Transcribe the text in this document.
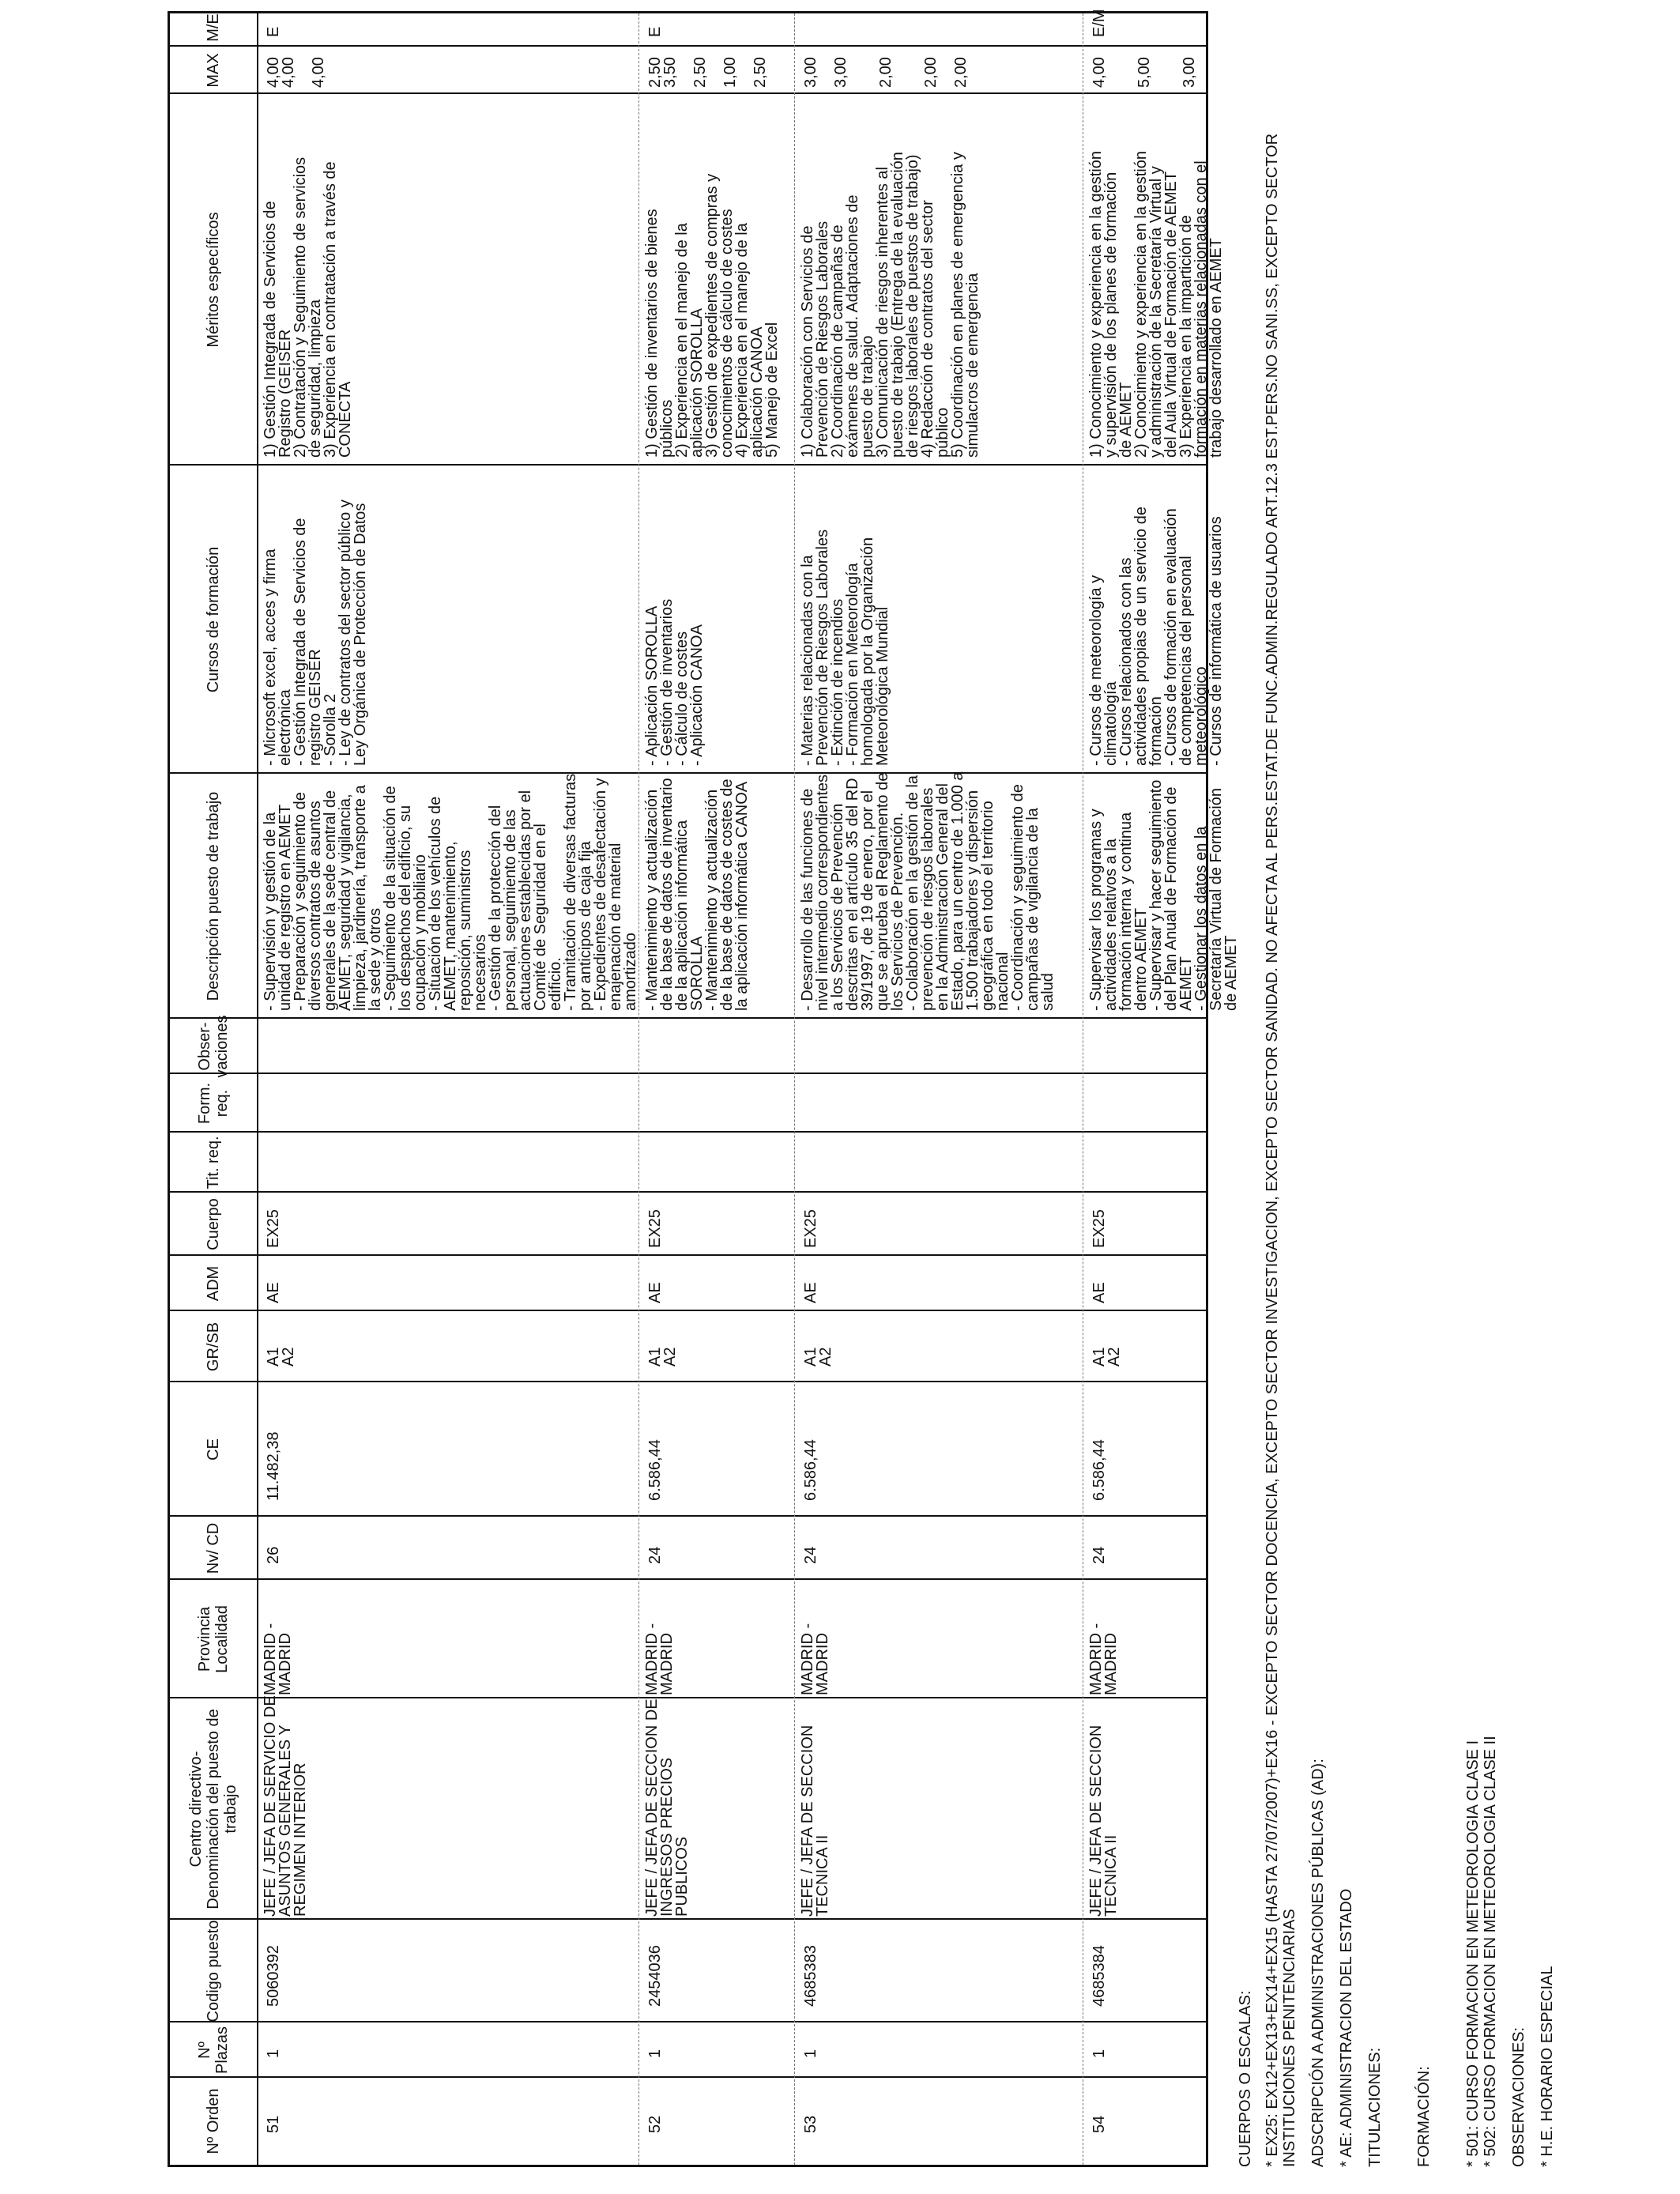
Nº Orden
Nº Plazas
Codigo puesto
Centro directivo- Denominación del puesto de trabajo
Provincia Localidad
Nv/ CD
CE
GR/SB
ADM
Cuerpo
Tit. req.
Form. req.
Obser- vaciones
Descripción puesto de trabajo
Cursos de formación
Méritos específicos
MAX
M/E
51
1
5060392
JEFE / JEFA DE SERVICIO DE
ASUNTOS GENERALES Y
REGIMEN INTERIOR
MADRID -
MADRID
26
11.482,38
A1
A2
AE
EX25
- Supervisión y gestión de la
unidad de registro en AEMET
- Preparación y seguimiento de
diversos contratos de asuntos
generales de la sede central de
AEMET, seguridad y vigilancia,
limpieza, jardinería, transporte a
la sede y otros
- Seguimiento de la situación de
los despachos del edificio, su
ocupación y mobiliario
- Situación de los vehículos de
AEMET, mantenimiento,
reposición, suministros
necesarios
- Gestión de la protección del
personal, seguimiento de las
actuaciones establecidas por el
Comité de Seguridad en el
edificio.
- Tramitación de diversas facturas
por anticipos de caja fija
- Expedientes de desafectación y
enajenación de material
amortizado
- Microsoft excel, acces y firma
electrónica
- Gestión Integrada de Servicios de
registro GEISER
- Sorolla 2
- Ley de contratos del sector público y
Ley Orgánica de Protección de Datos
1) Gestión Integrada de Servicios de
Registro (GEISER
2) Contratación y Seguimiento de servicios
de seguridad, limpieza
3) Experiencia en contratación a través de
CONECTA
4,00
4,00

4,00
E
52
1
2454036
JEFE / JEFA DE SECCION DE
INGRESOS PRECIOS
PUBLICOS
MADRID -
MADRID
24
6.586,44
A1
A2
AE
EX25
- Mantenimiento y actualización
de la base de datos de inventario
de la aplicación informática
SOROLLA
- Mantenimiento y actualización
de la base de datos de costes de
la aplicación informática CANOA
- Aplicación SOROLLA
- Gestión de inventarios
- Cálculo de costes
- Aplicación CANOA
1) Gestión de inventarios de bienes
públicos
2) Experiencia en el manejo de la
aplicación SOROLLA
3) Gestión de expedientes de compras y
conocimientos de cálculo de costes
4) Experiencia en el manejo de la
aplicación CANOA
5) Manejo de Excel
2,50
3,50

2,50

1,00

2,50
E
53
1
4685383
JEFE / JEFA DE SECCION
TECNICA II
MADRID -
MADRID
24
6.586,44
A1
A2
AE
EX25
- Desarrollo de las funciones de
nivel intermedio correspondientes
a los Servicios de Prevención
descritas en el artículo 35 del RD
39/1997, de 19 de enero, por el
que se aprueba el Reglamento de
los Servicios de Prevención.
- Colaboración en la gestión de la
prevención de riesgos laborales
en la Administración General del
Estado, para un centro de 1.000 a
1.500 trabajadores y dispersión
geográfica en todo el territorio
nacional
- Coordinación y seguimiento de
campañas de vigilancia de la
salud
- Materias relacionadas con la
Prevención de Riesgos Laborales
- Extinción de incendios
- Formación en Meteorología
homologada por la Organización
Meteorológica Mundial
1) Colaboración con Servicios de
Prevención de Riesgos Laborales
2) Coordinación de campañas de
exámenes de salud. Adaptaciones de
puesto de trabajo
3) Comunicación de riesgos inherentes al
puesto de trabajo (Entrega de la evaluación
de riesgos laborales de puestos de trabajo)
4) Redacción de contratos del sector
público
5) Coordinación en planes de emergencia y
simulacros de emergencia
3,00

3,00

2,00

2,00

2,00
54
1
4685384
JEFE / JEFA DE SECCION
TECNICA II
MADRID -
MADRID
24
6.586,44
A1
A2
AE
EX25
- Supervisar los programas y
actividades relativos a la
formación interna y continua
dentro AEMET
- Supervisar y hacer seguimiento
del Plan Anual de Formación de
AEMET
- Gestionar los datos en la
Secretaría Virtual de Formación
de AEMET
- Cursos de meteorología y
climatología
- Cursos relacionados con las
actividades propias de un servicio de
formación
- Cursos de formación en evaluación
de competencias del personal
meteorológico
- Cursos de informática de usuarios
1) Conocimiento y experiencia en la gestión
y supervisión de los planes de formación
de AEMET
2) Conocimiento y experiencia en la gestión
y administración de la Secretaría Virtual y
del Aula Virtual de Formación de AEMET
3) Experiencia en la impartición de
formación en materias relacionadas con el
trabajo desarrollado en AEMET
4,00

5,00

3,00
E/M

CUERPOS O ESCALAS: * EX25: EX12+EX13+EX14+EX15 (HASTA 27/07/2007)+EX16 - EXCEPTO SECTOR DOCENCIA, EXCEPTO SECTOR INVESTIGACION, EXCEPTO SECTOR SANIDAD. NO AFECTA AL PERS.ESTAT.DE FUNC.ADMIN.REGULADO ART.12.3 EST.PERS.NO SANI.SS, EXCEPTO SECTOR
INSTITUCIONES PENITENCIARIAS ADSCRIPCIÓN A ADMINISTRACIONES PÚBLICAS (AD): * AE: ADMINISTRACION DEL ESTADO TITULACIONES: FORMACIÓN: * 501: CURSO FORMACION EN METEOROLOGIA CLASE I
* 502: CURSO FORMACION EN METEOROLOGIA CLASE II

OBSERVACIONES: * H.E. HORARIO ESPECIAL
